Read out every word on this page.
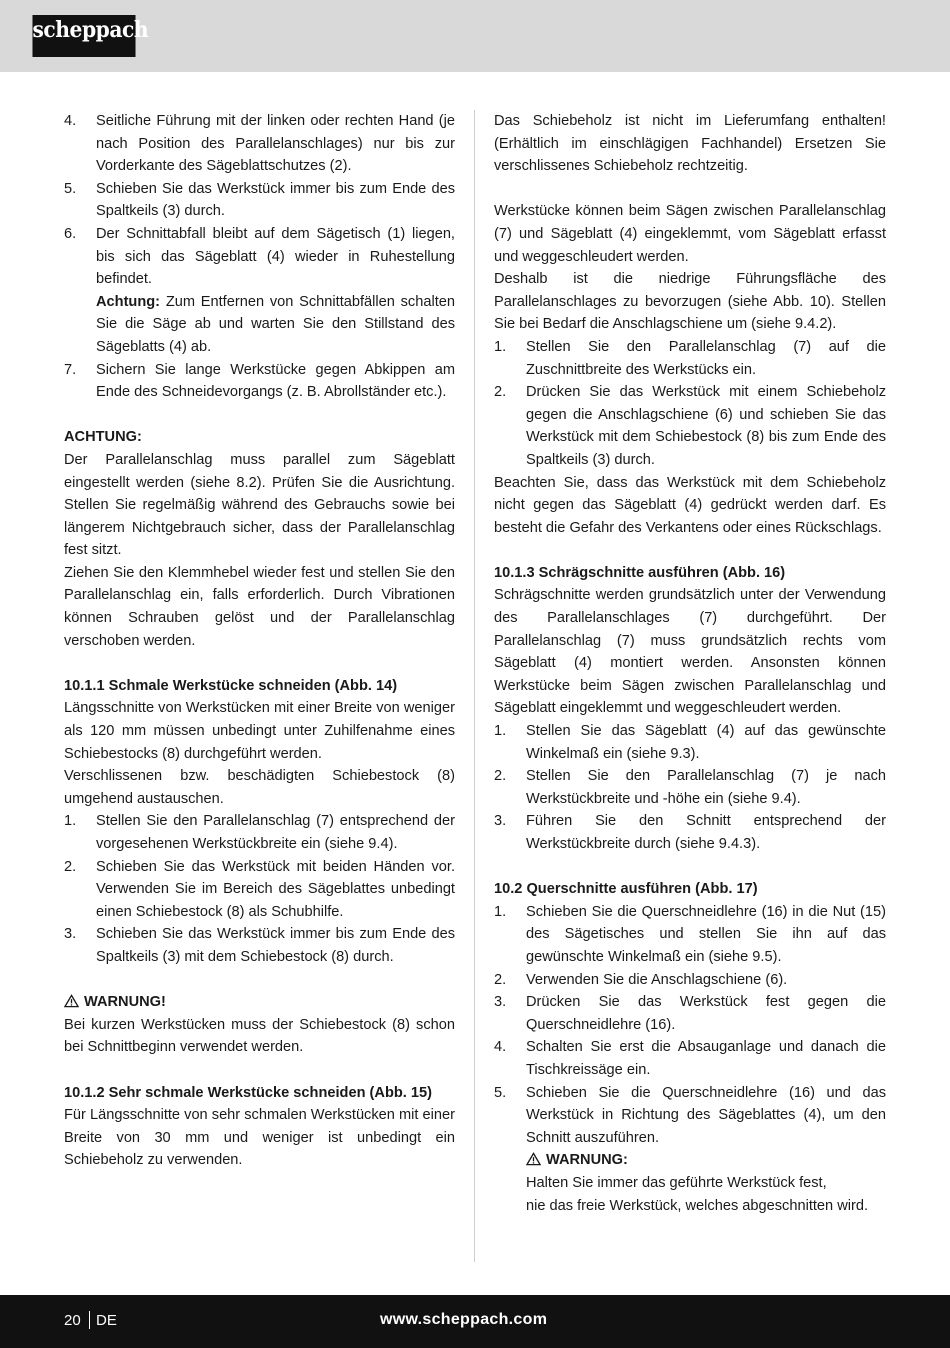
scheppach
4. Seitliche Führung mit der linken oder rechten Hand (je nach Position des Parallelanschlages) nur bis zur Vorderkante des Sägeblattschutzes (2).
5. Schieben Sie das Werkstück immer bis zum Ende des Spaltkeils (3) durch.
6. Der Schnittabfall bleibt auf dem Sägetisch (1) liegen, bis sich das Sägeblatt (4) wieder in Ruhestellung befindet.
Achtung: Zum Entfernen von Schnittabfällen schalten Sie die Säge ab und warten Sie den Stillstand des Sägeblatts (4) ab.
7. Sichern Sie lange Werkstücke gegen Abkippen am Ende des Schneidevorgangs (z. B. Abrollständer etc.).
ACHTUNG:

Der Parallelanschlag muss parallel zum Sägeblatt eingestellt werden (siehe 8.2). Prüfen Sie die Ausrichtung. Stellen Sie regelmäßig während des Gebrauchs sowie bei längerem Nichtgebrauch sicher, dass der Parallelanschlag fest sitzt.

Ziehen Sie den Klemmhebel wieder fest und stellen Sie den Parallelanschlag ein, falls erforderlich. Durch Vibrationen können Schrauben gelöst und der Parallelanschlag verschoben werden.

10.1.1 Schmale Werkstücke schneiden (Abb. 14)

Längsschnitte von Werkstücken mit einer Breite von weniger als 120 mm müssen unbedingt unter Zuhilfenahme eines Schiebestocks (8) durchgeführt werden.

Verschlissenen bzw. beschädigten Schiebestock (8) umgehend austauschen.

1. Stellen Sie den Parallelanschlag (7) entsprechend der vorgesehenen Werkstückbreite ein (siehe 9.4).
2. Schieben Sie das Werkstück mit beiden Händen vor. Verwenden Sie im Bereich des Sägeblattes unbedingt einen Schiebestock (8) als Schubhilfe.
3. Schieben Sie das Werkstück immer bis zum Ende des Spaltkeils (3) mit dem Schiebestock (8) durch.
WARNUNG!

Bei kurzen Werkstücken muss der Schiebestock (8) schon bei Schnittbeginn verwendet werden.

10.1.2 Sehr schmale Werkstücke schneiden (Abb. 15)

Für Längsschnitte von sehr schmalen Werkstücken mit einer Breite von 30 mm und weniger ist unbedingt ein Schiebeholz zu verwenden.

Das Schiebeholz ist nicht im Lieferumfang enthalten! (Erhältlich im einschlägigen Fachhandel) Ersetzen Sie verschlissenes Schiebeholz rechtzeitig.

Werkstücke können beim Sägen zwischen Parallelanschlag (7) und Sägeblatt (4) eingeklemmt, vom Sägeblatt erfasst und weggeschleudert werden.

Deshalb ist die niedrige Führungsfläche des Parallelanschlages zu bevorzugen (siehe Abb. 10). Stellen Sie bei Bedarf die Anschlagschiene um (siehe 9.4.2).

1. Stellen Sie den Parallelanschlag (7) auf die Zuschnittbreite des Werkstücks ein.
2. Drücken Sie das Werkstück mit einem Schiebeholz gegen die Anschlagschiene (6) und schieben Sie das Werkstück mit dem Schiebestock (8) bis zum Ende des Spaltkeils (3) durch.

Beachten Sie, dass das Werkstück mit dem Schiebeholz nicht gegen das Sägeblatt (4) gedrückt werden darf. Es besteht die Gefahr des Verkantens oder eines Rückschlags.

10.1.3 Schrägschnitte ausführen (Abb. 16)

Schrägschnitte werden grundsätzlich unter der Verwendung des Parallelanschlages (7) durchgeführt. Der Parallelanschlag (7) muss grundsätzlich rechts vom Sägeblatt (4) montiert werden. Ansonsten können Werkstücke beim Sägen zwischen Parallelanschlag und Sägeblatt eingeklemmt und weggeschleudert werden.

1. Stellen Sie das Sägeblatt (4) auf das gewünschte Winkelmaß ein (siehe 9.3).
2. Stellen Sie den Parallelanschlag (7) je nach Werkstückbreite und -höhe ein (siehe 9.4).
3. Führen Sie den Schnitt entsprechend der Werkstückbreite durch (siehe 9.4.3).
10.2 Querschnitte ausführen (Abb. 17)
1. Schieben Sie die Querschneidlehre (16) in die Nut (15) des Sägetisches und stellen Sie ihn auf das gewünschte Winkelmaß ein (siehe 9.5).
2. Verwenden Sie die Anschlagschiene (6).
3. Drücken Sie das Werkstück fest gegen die Querschneidlehre (16).
4. Schalten Sie erst die Absauganlage und danach die Tischkreissäge ein.
5. Schieben Sie die Querschneidlehre (16) und das Werkstück in Richtung des Sägeblattes (4), um den Schnitt auszuführen.
WARNUNG:
Halten Sie immer das geführte Werkstück fest,
nie das freie Werkstück, welches abgeschnitten wird.
20 DE	www.scheppach.com
